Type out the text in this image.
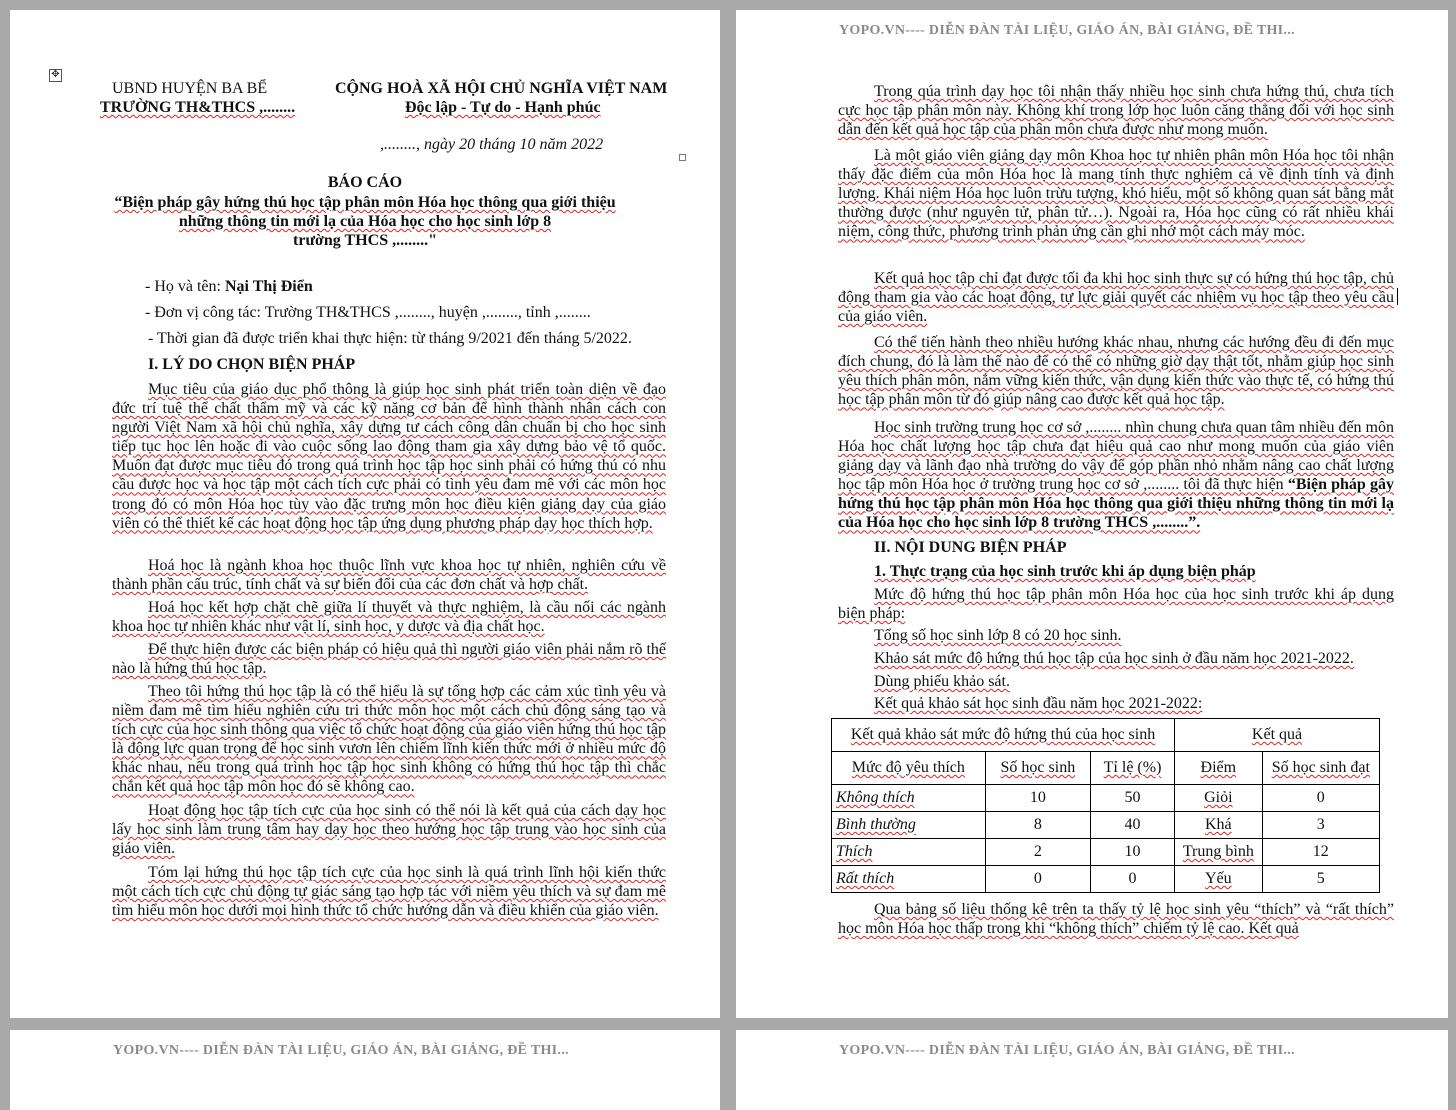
✥
UBND HUYỆN BA BỂ
TRƯỜNG TH&THCS ,........
CỘNG HOÀ XÃ HỘI CHỦ NGHĨA VIỆT NAM
Độc lập - Tự do - Hạnh phúc
,........, ngày 20 tháng 10 năm 2022
BÁO CÁO
“Biện pháp gây hứng thú học tập phân môn Hóa học thông qua giới thiệu
những thông tin mới lạ của Hóa học cho học sinh lớp 8
trường THCS ,........"
- Họ và tên: Nại Thị Điển
- Đơn vị công tác: Trường TH&THCS ,........, huyện ,........, tỉnh ,........
- Thời gian đã được triển khai thực hiện: từ tháng 9/2021 đến tháng 5/2022.
I. LÝ DO CHỌN BIỆN PHÁP
Mục tiêu của giáo dục phổ thông là giúp học sinh phát triển toàn diện về đạo đức trí tuệ thể chất thẩm mỹ và các kỹ năng cơ bản để hình thành nhân cách con người Việt Nam xã hội chủ nghĩa, xây dựng tư cách công dân chuẩn bị cho học sinh tiếp tục học lên hoặc đi vào cuộc sống lao động tham gia xây dựng bảo vệ tổ quốc. Muốn đạt được mục tiêu đó trong quá trình học tập học sinh phải có hứng thú có nhu cầu được học và học tập một cách tích cực phải có tình yêu đam mê với các môn học trong đó có môn Hóa học tùy vào đặc trưng môn học điều kiện giảng dạy của giáo viên có thể thiết kế các hoạt động học tập ứng dụng phương pháp dạy học thích hợp.
Hoá học là ngành khoa học thuộc lĩnh vực khoa học tự nhiên, nghiên cứu về thành phần cấu trúc, tính chất và sự biến đổi của các đơn chất và hợp chất.
Hoá học kết hợp chặt chẽ giữa lí thuyết và thực nghiệm, là cầu nối các ngành khoa học tự nhiên khác như vật lí, sinh học, y dược và địa chất học.
Để thực hiện được các biện pháp có hiệu quả thì người giáo viên phải nắm rõ thế nào là hứng thú học tập.
Theo tôi hứng thú học tập là có thể hiểu là sự tổng hợp các cảm xúc tình yêu và niềm đam mê tìm hiểu nghiên cứu tri thức môn học một cách chủ động sáng tạo và tích cực của học sinh thông qua việc tổ chức hoạt động của giáo viên hứng thú học tập là động lực quan trọng để học sinh vươn lên chiếm lĩnh kiến thức mới ở nhiều mức độ khác nhau, nếu trong quá trình học tập học sinh không có hứng thú học tập thì chắc chắn kết quả học tập môn học đó sẽ không cao.
Hoạt động học tập tích cực của học sinh có thể nói là kết quả của cách dạy học lấy học sinh làm trung tâm hay dạy học theo hướng học tập trung vào học sinh của giáo viên.
Tóm lại hứng thú học tập tích cực của học sinh là quá trình lĩnh hội kiến thức một cách tích cực chủ động tự giác sáng tạo hợp tác với niềm yêu thích và sự đam mê tìm hiểu môn học dưới mọi hình thức tổ chức hướng dẫn và điều khiển của giáo viên.
YOPO.VN---- DIỄN ĐÀN TÀI LIỆU, GIÁO ÁN, BÀI GIẢNG, ĐỀ THI...
Trong qúa trình dạy học tôi nhận thấy nhiều học sinh chưa hứng thú, chưa tích cực học tập phân môn này. Không khí trong lớp học luôn căng thẳng đối với học sinh dẫn đến kết quả học tập của phân môn chưa được như mong muốn.
Là một giáo viên giảng dạy môn Khoa học tự nhiên phân môn Hóa học tôi nhận thấy đặc điểm của môn Hóa học là mang tính thực nghiệm cả về định tính và định lượng. Khái niệm Hóa học luôn trừu tượng, khó hiểu, một số không quan sát bằng mắt thường được (như nguyên tử, phân tử…). Ngoài ra, Hóa học cũng có rất nhiều khái niệm, công thức, phương trình phản ứng cần ghi nhớ một cách máy móc.
Kết quả học tập chỉ đạt được tối đa khi học sinh thực sự có hứng thú học tập, chủ động tham gia vào các hoạt động, tự lực giải quyết các nhiệm vụ học tập theo yêu cầu của giáo viên.
Có thể tiến hành theo nhiều hướng khác nhau, nhưng các hướng đều đi đến mục đích chung, đó là làm thế nào để có thể có những giờ dạy thật tốt, nhằm giúp học sinh yêu thích phân môn, nắm vững kiến thức, vận dụng kiến thức vào thực tế, có hứng thú học tập phân môn từ đó giúp nâng cao được kết quả học tập.
Học sinh trường trung học cơ sở ,........ nhìn chung chưa quan tâm nhiều đến môn Hóa học chất lượng học tập chưa đạt hiệu quả cao như mong muốn của giáo viên giảng dạy và lãnh đạo nhà trường do vậy để góp phần nhỏ nhằm nâng cao chất lượng học tập môn Hóa học ở trường trung học cơ sở ,........ tôi đã thực hiện “Biện pháp gây hứng thú học tập phân môn Hóa học thông qua giới thiệu những thông tin mới lạ của Hóa học cho học sinh lớp 8 trường THCS ,........”.
II. NỘI DUNG BIỆN PHÁP
1. Thực trạng của học sinh trước khi áp dụng biện pháp
Mức độ hứng thú học tập phân môn Hóa học của học sinh trước khi áp dụng biện pháp:
Tổng số học sinh lớp 8 có 20 học sinh.
Khảo sát mức độ hứng thú học tập của học sinh ở đầu năm học 2021-2022.
Dùng phiếu khảo sát.
Kết quả khảo sát học sinh đầu năm học 2021-2022:
Kết quả khảo sát mức độ hứng thú của học sinh			Kết quả	
Mức độ yêu thích	Số học sinh	Tỉ lệ (%)	Điểm	Số học sinh đạt
Không thích	10	50	Giỏi	0
Bình thường	8	40	Khá	3
Thích	2	10	Trung bình	12
Rất thích	0	0	Yếu	5
Qua bảng số liệu thống kê trên ta thấy tỷ lệ học sinh yêu “thích” và “rất thích” học môn Hóa học thấp trong khi “không thích” chiếm tỷ lệ cao. Kết quả
YOPO.VN---- DIỄN ĐÀN TÀI LIỆU, GIÁO ÁN, BÀI GIẢNG, ĐỀ THI...	YOPO.VN---- DIỄN ĐÀN TÀI LIỆU, GIÁO ÁN, BÀI GIẢNG, ĐỀ THI...
